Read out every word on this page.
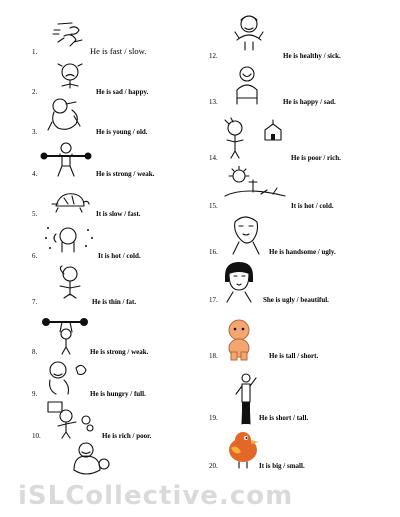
1.	He is fast / slow.
2.	He is sad / happy.
3.	He is young / old.
4.	He is strong / weak.
5.	It is slow / fast.
6.	It is hot / cold.
7.	He is thin / fat.
8.	He is strong / weak.
9.	He is hungry / full.
10.	He is rich / poor.
12.	He is healthy / sick.
13.	He is happy / sad.
14.	He is poor / rich.
15.	It is hot / cold.
16.	He is handsome / ugly.
17.	She is ugly / beautiful.
18.	He is tall / short.
19.	He is short / tall.
20.	It is big / small.
iSLCollective.com
